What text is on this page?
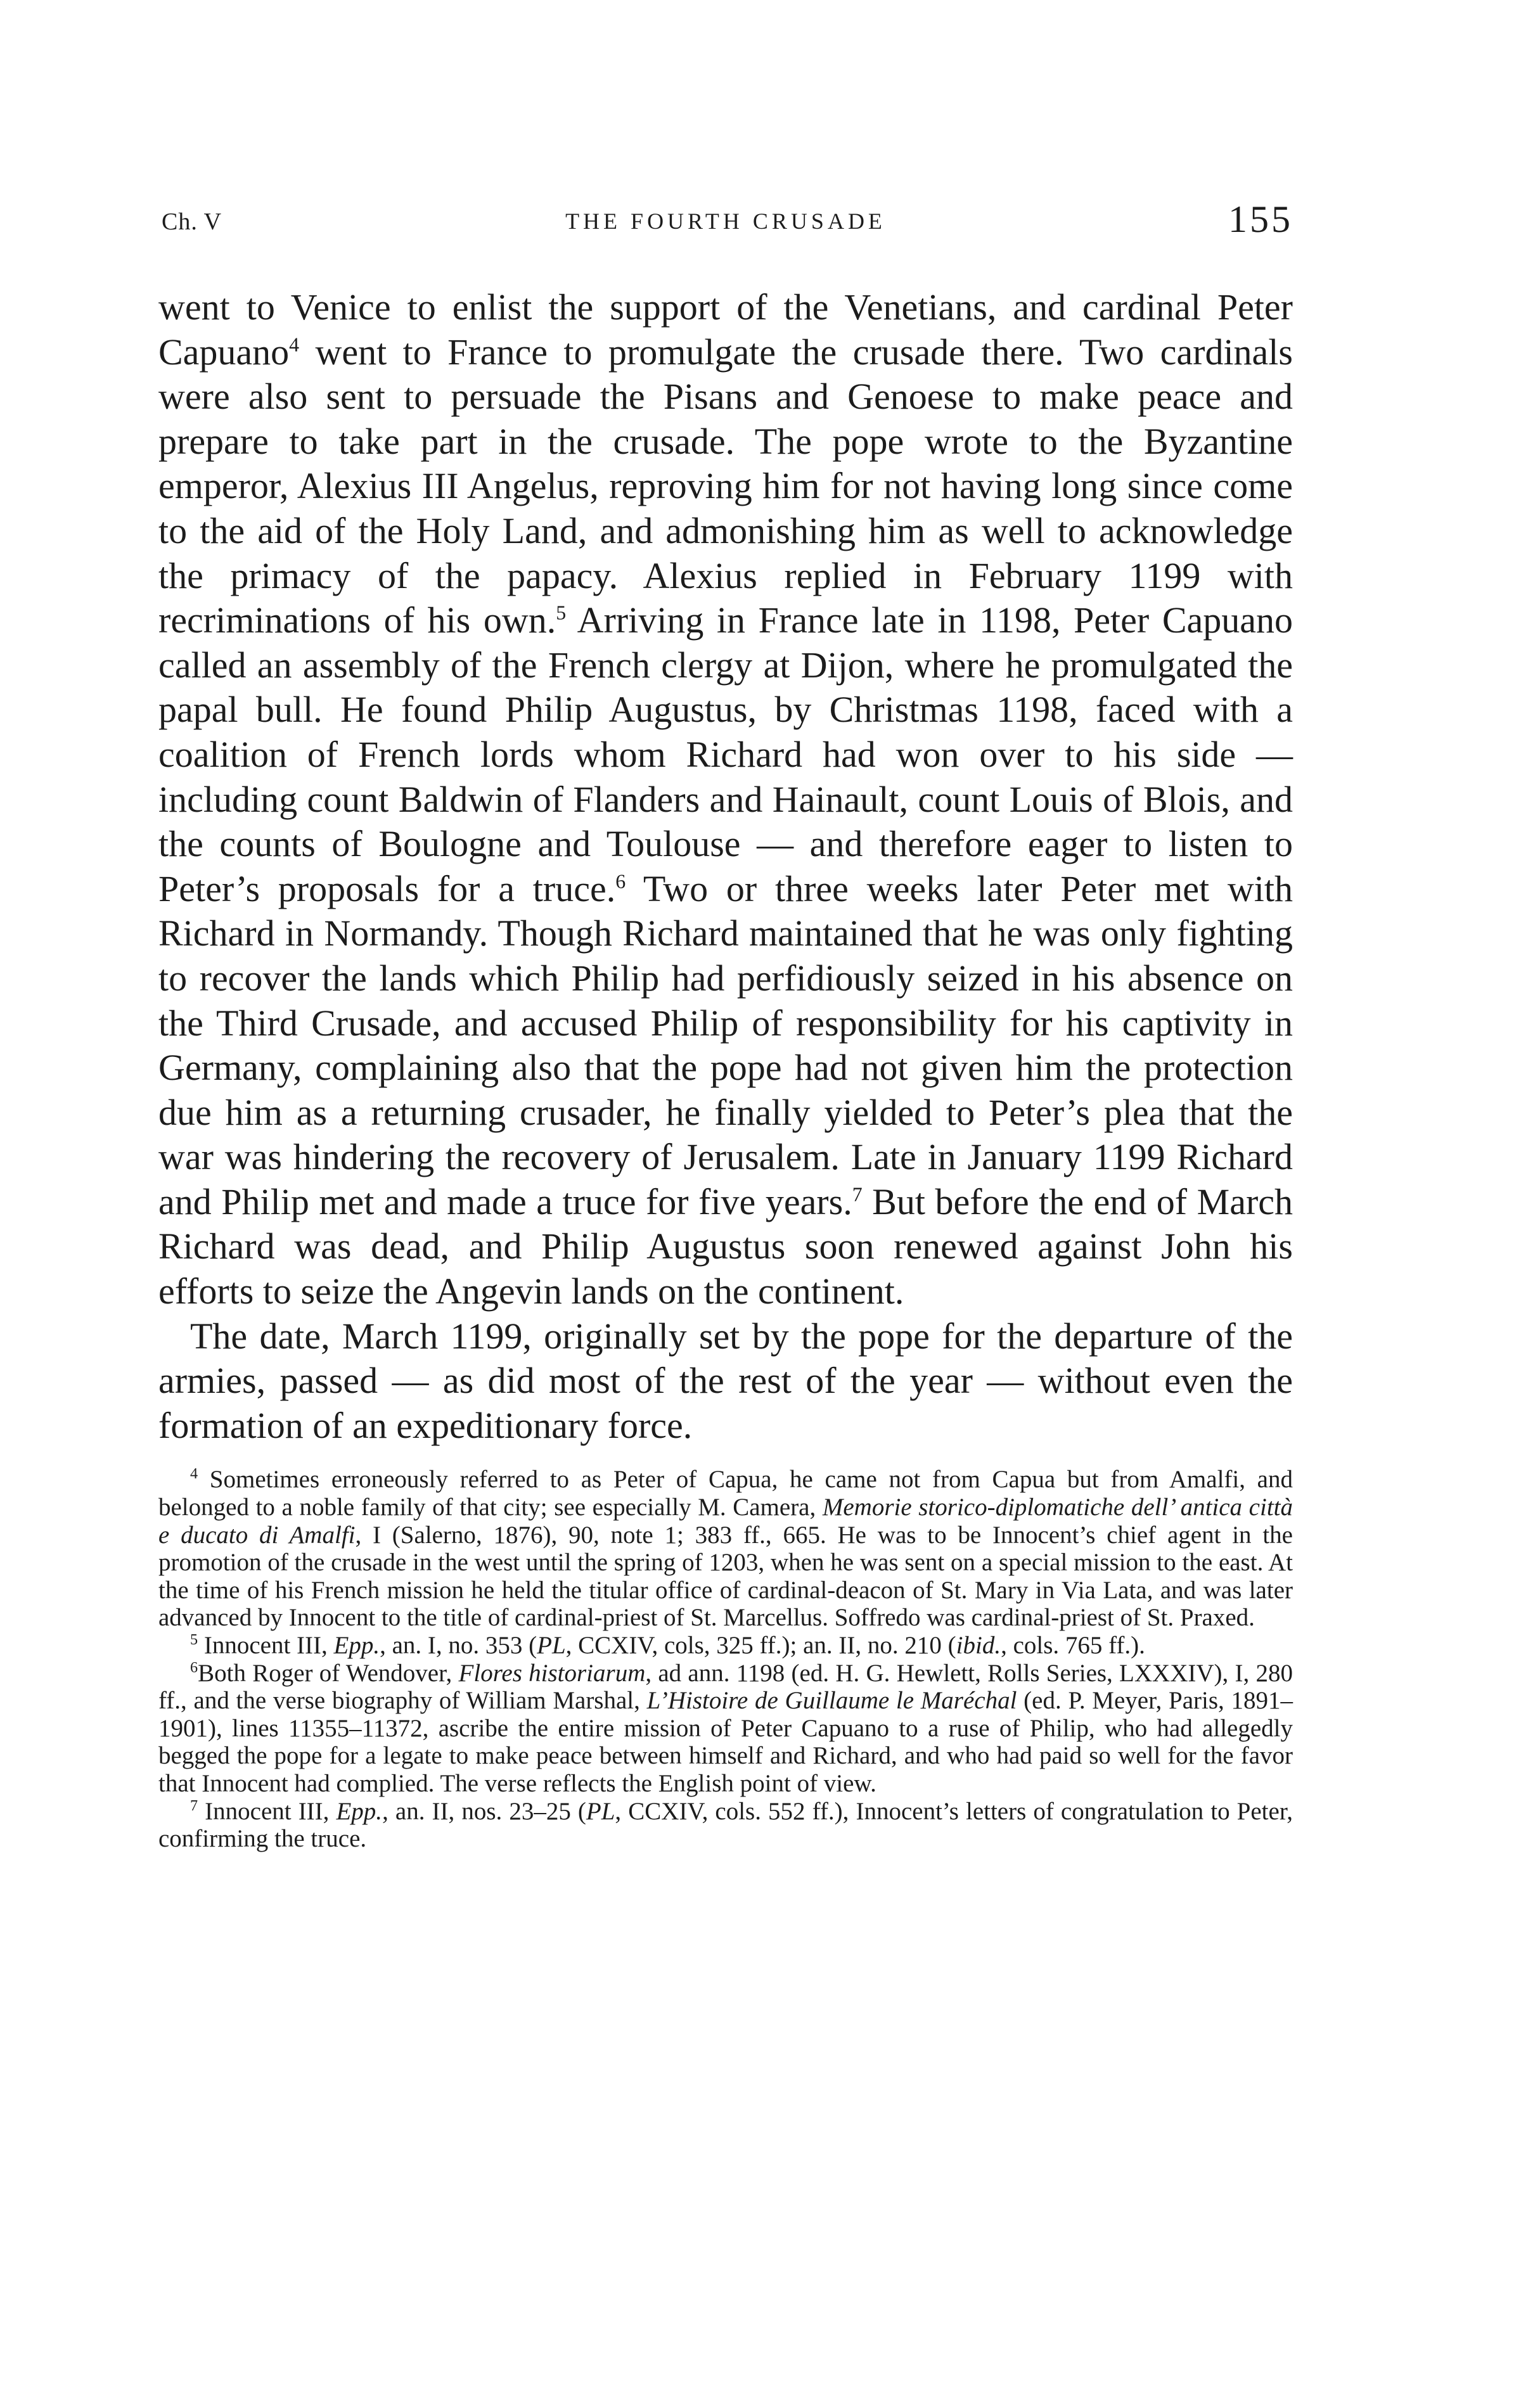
Ch. V	THE FOURTH CRUSADE	155

went to Venice to enlist the support of the Venetians, and cardinal Peter Capuano$^4$ went to France to promulgate the crusade there. Two cardinals were also sent to persuade the Pisans and Genoese to make peace and prepare to take part in the crusade. The pope wrote to the Byzantine emperor, Alexius III Angelus, reproving him for not having long since come to the aid of the Holy Land, and admonishing him as well to acknowledge the primacy of the papacy. Alexius replied in February 1199 with recriminations of his own.$^5$ Arriving in France late in 1198, Peter Capuano called an assembly of the French clergy at Dijon, where he promulgated the papal bull. He found Philip Augustus, by Christmas 1198, faced with a coalition of French lords whom Richard had won over to his side — including count Baldwin of Flanders and Hainault, count Louis of Blois, and the counts of Boulogne and Toulouse — and therefore eager to listen to Peter’s proposals for a truce.$^6$ Two or three weeks later Peter met with Richard in Normandy. Though Richard maintained that he was only fighting to recover the lands which Philip had perfidiously seized in his absence on the Third Crusade, and accused Philip of responsibility for his captivity in Germany, complaining also that the pope had not given him the protection due him as a returning crusader, he finally yielded to Peter’s plea that the war was hindering the recovery of Jerusalem. Late in January 1199 Richard and Philip met and made a truce for five years.$^7$ But before the end of March Richard was dead, and Philip Augustus soon renewed against John his efforts to seize the Angevin lands on the continent.

The date, March 1199, originally set by the pope for the departure of the armies, passed — as did most of the rest of the year — without even the formation of an expeditionary force.

$^4$ Sometimes erroneously referred to as Peter of Capua, he came not from Capua but from Amalfi, and belonged to a noble family of that city; see especially M. Camera, Memorie storico-diplomatiche dell’ antica città e ducato di Amalfi, I (Salerno, 1876), 90, note 1; 383 ff., 665. He was to be Innocent’s chief agent in the promotion of the crusade in the west until the spring of 1203, when he was sent on a special mission to the east. At the time of his French mission he held the titular office of cardinal-deacon of St. Mary in Via Lata, and was later advanced by Innocent to the title of cardinal-priest of St. Marcellus. Soffredo was cardinal-priest of St. Praxed.

$^5$ Innocent III, Epp., an. I, no. 353 (PL, CCXIV, cols, 325 ff.); an. II, no. 210 (ibid., cols. 765 ff.).

$^6$Both Roger of Wendover, Flores historiarum, ad ann. 1198 (ed. H. G. Hewlett, Rolls Series, LXXXIV), I, 280 ff., and the verse biography of William Marshal, L’Histoire de Guillaume le Maréchal (ed. P. Meyer, Paris, 1891–1901), lines 11355–11372, ascribe the entire mission of Peter Capuano to a ruse of Philip, who had allegedly begged the pope for a legate to make peace between himself and Richard, and who had paid so well for the favor that Innocent had complied. The verse reflects the English point of view.

$^7$ Innocent III, Epp., an. II, nos. 23–25 (PL, CCXIV, cols. 552 ff.), Innocent’s letters of congratulation to Peter, confirming the truce.
